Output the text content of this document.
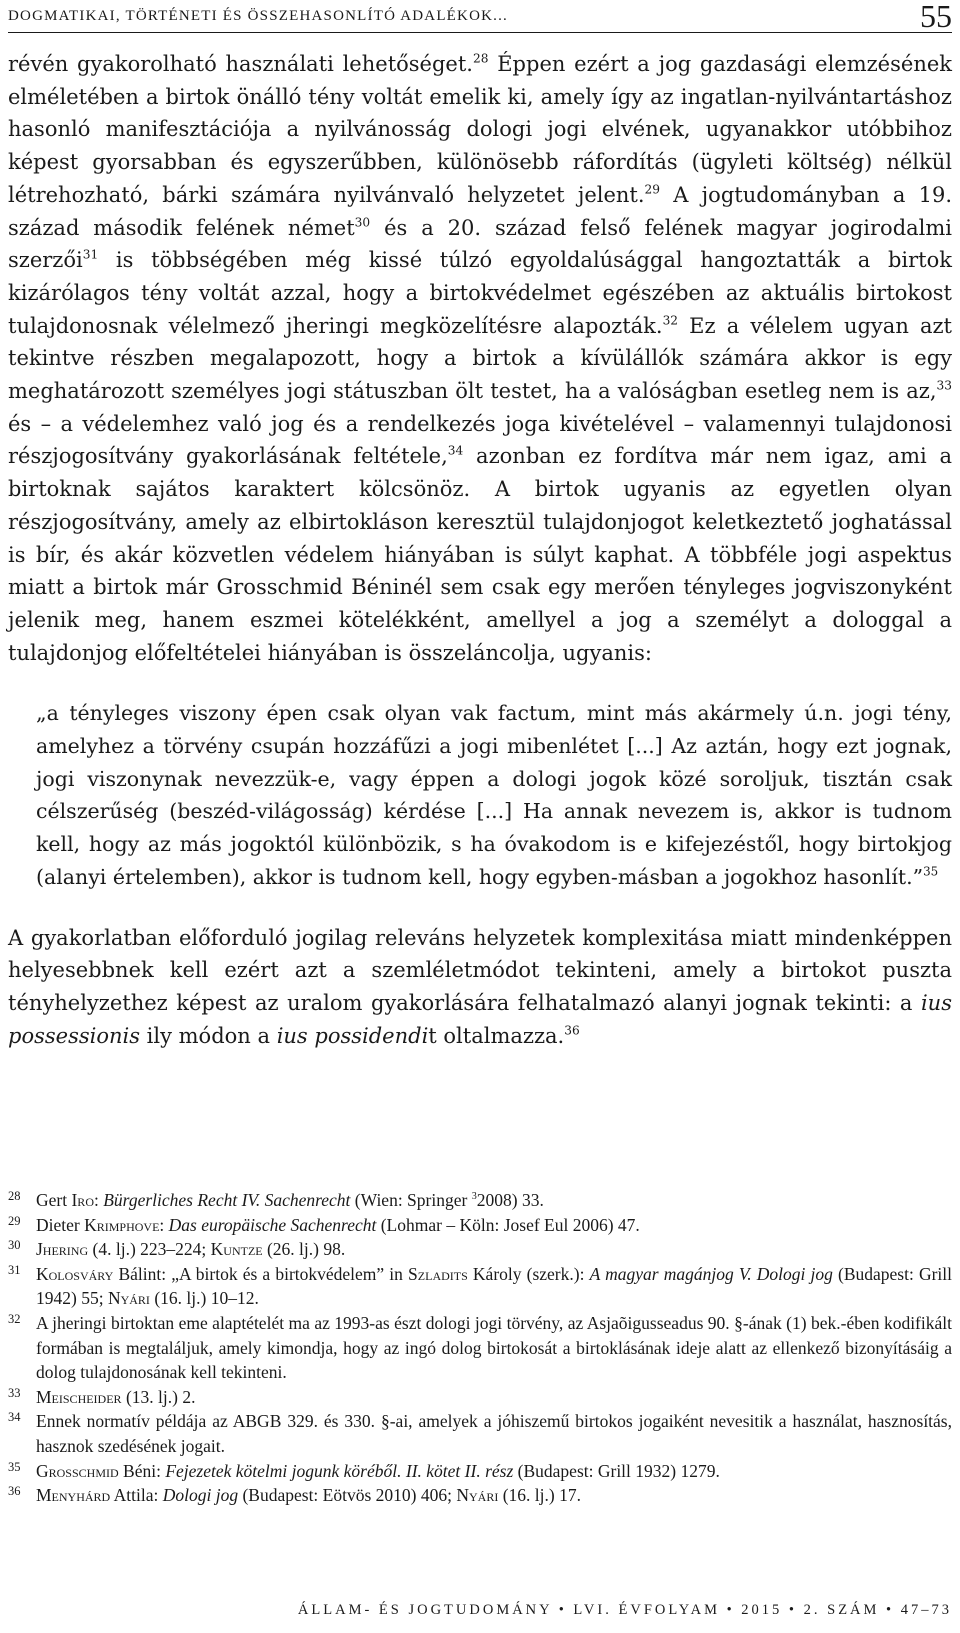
DOGMATIKAI, TÖRTÉNETI ÉS ÖSSZEHASONLÍTÓ ADALÉKOK...	55

révén gyakorolható használati lehetőséget.$^{28}$ Éppen ezért a jog gazdasági elemzésének elméletében a birtok önálló tény voltát emelik ki, amely így az ingatlan-nyilvántartáshoz hasonló manifesztációja a nyilvánosság dologi jogi elvének, ugyanakkor utóbbihoz képest gyorsabban és egyszerűbben, különösebb ráfordítás (ügyleti költség) nélkül létrehozható, bárki számára nyilvánvaló helyzetet jelent.$^{29}$ A jogtudományban a 19. század második felének német$^{30}$ és a 20. század felső felének magyar jogirodalmi szerzői$^{31}$ is többségében még kissé túlzó egyoldalúsággal hangoztatták a birtok kizárólagos tény voltát azzal, hogy a birtokvédelmet egészében az aktuális birtokost tulajdonosnak vélelmező jheringi megközelítésre alapozták.$^{32}$ Ez a vélelem ugyan azt tekintve részben megalapozott, hogy a birtok a kívülállók számára akkor is egy meghatározott személyes jogi státuszban ölt testet, ha a valóságban esetleg nem is az,$^{33}$ és – a védelemhez való jog és a rendelkezés joga kivételével – valamennyi tulajdonosi részjogosítvány gyakorlásának feltétele,$^{34}$ azonban ez fordítva már nem igaz, ami a birtoknak sajátos karaktert kölcsönöz. A birtok ugyanis az egyetlen olyan részjogosítvány, amely az elbirtokláson keresztül tulajdonjogot keletkeztető joghatással is bír, és akár közvetlen védelem hiányában is súlyt kaphat. A többféle jogi aspektus miatt a birtok már Grosschmid Béninél sem csak egy merően tényleges jogviszonyként jelenik meg, hanem eszmei kötelékként, amellyel a jog a személyt a dologgal a tulajdonjog előfeltételei hiányában is összeláncolja, ugyanis:

„a tényleges viszony épen csak olyan vak factum, mint más akármely ú.n. jogi tény, amelyhez a törvény csupán hozzáfűzi a jogi mibenlétet [...] Az aztán, hogy ezt jognak, jogi viszonynak nevezzük-e, vagy éppen a dologi jogok közé soroljuk, tisztán csak célszerűség (beszéd-világosság) kérdése [...] Ha annak nevezem is, akkor is tudnom kell, hogy az más jogoktól különbözik, s ha óvakodom is e kifejezéstől, hogy birtokjog (alanyi értelemben), akkor is tudnom kell, hogy egyben-másban a jogokhoz hasonlít.”$^{35}$

A gyakorlatban előforduló jogilag releváns helyzetek komplexitása miatt mindenképpen helyesebbnek kell ezért azt a szemléletmódot tekinteni, amely a birtokot puszta tényhelyzethez képest az uralom gyakorlására felhatalmazó alanyi jognak tekinti: a ius possessionis ily módon a ius possidendit oltalmazza.$^{36}$

28 Gert Iro: Bürgerliches Recht IV. Sachenrecht (Wien: Springer $^3$2008) 33.
29 Dieter Krimphove: Das europäische Sachenrecht (Lohmar – Köln: Josef Eul 2006) 47.
30 Jhering (4. lj.) 223–224; Kuntze (26. lj.) 98.
31 Kolosváry Bálint: „A birtok és a birtokvédelem” in Szladits Károly (szerk.): A magyar magánjog V. Dologi jog (Budapest: Grill 1942) 55; Nyári (16. lj.) 10–12.
32 A jheringi birtoktan eme alaptételét ma az 1993-as észt dologi jogi törvény, az Asjaõigusseadus 90. §-ának (1) bek.-ében kodifikált formában is megtaláljuk, amely kimondja, hogy az ingó dolog birtokosát a birtoklásának ideje alatt az ellenkező bizonyításáig a dolog tulajdonosának kell tekinteni.
33 Meischeider (13. lj.) 2.
34 Ennek normatív példája az ABGB 329. és 330. §-ai, amelyek a jóhiszemű birtokos jogaiként nevesitik a használat, hasznosítás, hasznok szedésének jogait.
35 Grosschmid Béni: Fejezetek kötelmi jogunk köréből. II. kötet II. rész (Budapest: Grill 1932) 1279.
36 Menyhárd Attila: Dologi jog (Budapest: Eötvös 2010) 406; Nyári (16. lj.) 17.
ÁLLAM- ÉS JOGTUDOMÁNY • LVI. ÉVFOLYAM • 2015 • 2. SZÁM • 47–73
